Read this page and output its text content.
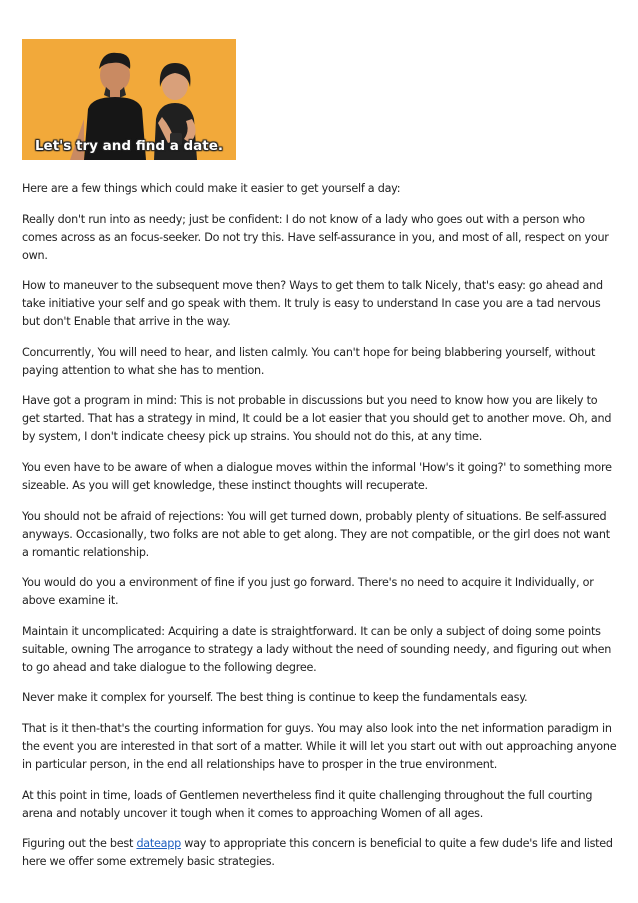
Let's try and find a date.

Here are a few things which could make it easier to get yourself a day:

Really don't run into as needy; just be confident: I do not know of a lady who goes out with a person who comes across as an focus-seeker. Do not try this. Have self-assurance in you, and most of all, respect on your own.

How to maneuver to the subsequent move then? Ways to get them to talk Nicely, that's easy: go ahead and take initiative your self and go speak with them. It truly is easy to understand In case you are a tad nervous but don't Enable that arrive in the way.

Concurrently, You will need to hear, and listen calmly. You can't hope for being blabbering yourself, without paying attention to what she has to mention.

Have got a program in mind: This is not probable in discussions but you need to know how you are likely to get started. That has a strategy in mind, It could be a lot easier that you should get to another move. Oh, and by system, I don't indicate cheesy pick up strains. You should not do this, at any time.

You even have to be aware of when a dialogue moves within the informal 'How's it going?' to something more sizeable. As you will get knowledge, these instinct thoughts will recuperate.

You should not be afraid of rejections: You will get turned down, probably plenty of situations. Be self-assured anyways. Occasionally, two folks are not able to get along. They are not compatible, or the girl does not want a romantic relationship.

You would do you a environment of fine if you just go forward. There's no need to acquire it Individually, or above examine it.

Maintain it uncomplicated: Acquiring a date is straightforward. It can be only a subject of doing some points suitable, owning The arrogance to strategy a lady without the need of sounding needy, and figuring out when to go ahead and take dialogue to the following degree.

Never make it complex for yourself. The best thing is continue to keep the fundamentals easy.

That is it then-that's the courting information for guys. You may also look into the net information paradigm in the event you are interested in that sort of a matter. While it will let you start out with out approaching anyone in particular person, in the end all relationships have to prosper in the true environment.

At this point in time, loads of Gentlemen nevertheless find it quite challenging throughout the full courting arena and notably uncover it tough when it comes to approaching Women of all ages.

Figuring out the best dateapp way to appropriate this concern is beneficial to quite a few dude's life and listed here we offer some extremely basic strategies.
